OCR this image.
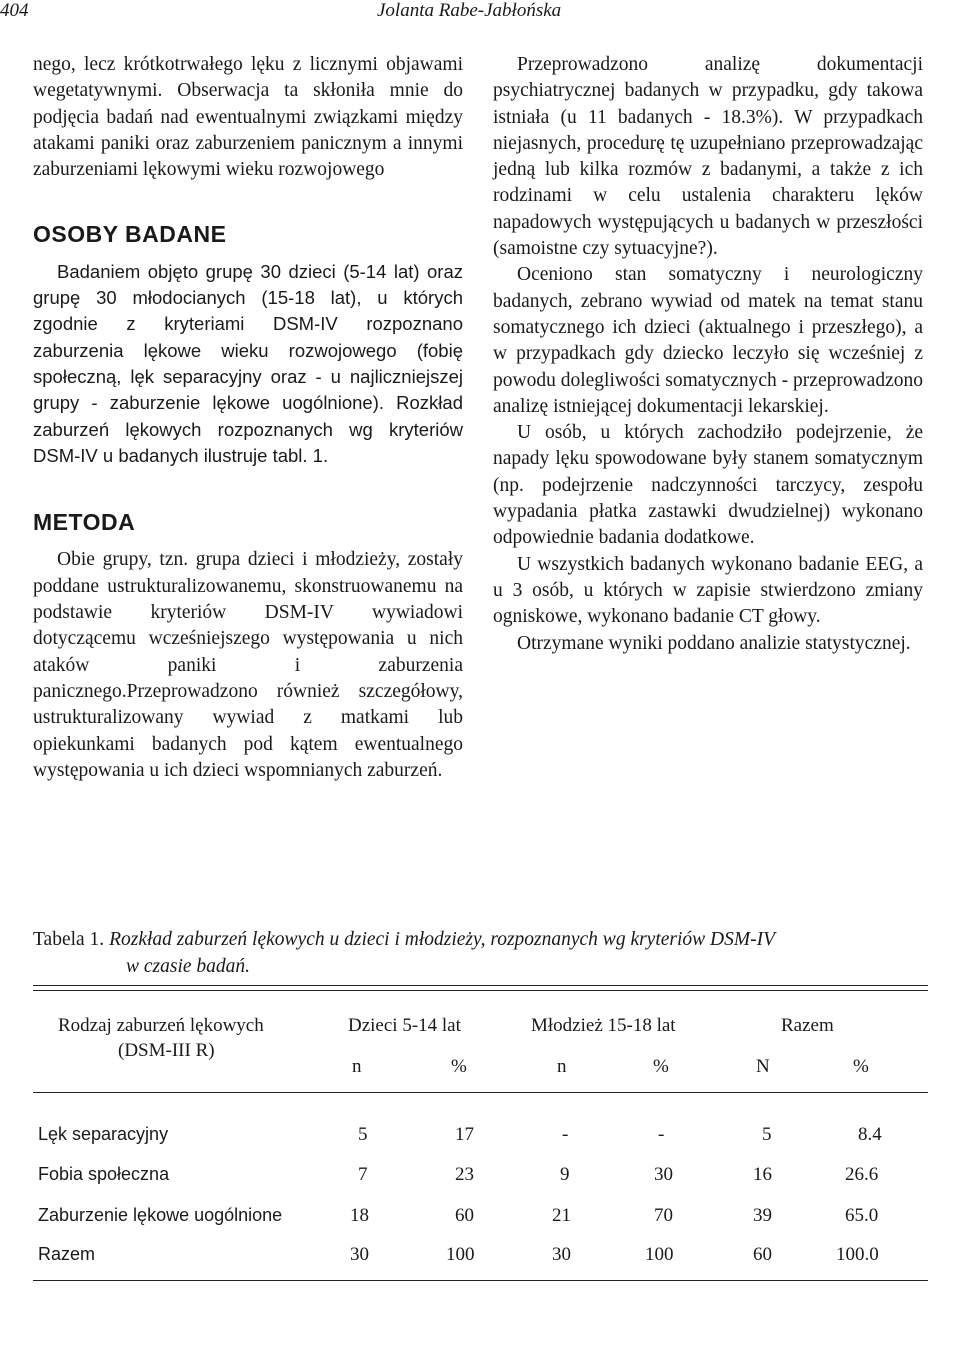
404	Jolanta Rabe-Jabłońska

nego, lecz krótkotrwałego lęku z licznymi objawami wegetatywnymi. Obserwacja ta skłoniła mnie do podjęcia badań nad ewentualnymi związkami między atakami paniki oraz zaburzeniem panicznym a innymi zaburzeniami lękowymi wieku rozwojowego

OSOBY BADANE

Badaniem objęto grupę 30 dzieci (5-14 lat) oraz grupę 30 młodocianych (15-18 lat), u których zgodnie z kryteriami DSM-IV rozpoznano zaburzenia lękowe wieku rozwojowego (fobię społeczną, lęk separacyjny oraz - u najliczniejszej grupy - zaburzenie lękowe uogólnione). Rozkład zaburzeń lękowych rozpoznanych wg kryteriów DSM-IV u badanych ilustruje tabl. 1.

METODA

Obie grupy, tzn. grupa dzieci i młodzieży, zostały poddane ustrukturalizowanemu, skonstruowanemu na podstawie kryteriów DSM-IV wywiadowi dotyczącemu wcześniejszego występowania u nich ataków paniki i zaburzenia panicznego.Przeprowadzono również szczegółowy, ustrukturalizowany wywiad z matkami lub opiekunkami badanych pod kątem ewentualnego występowania u ich dzieci wspomnianych zaburzeń.

Przeprowadzono analizę dokumentacji psychiatrycznej badanych w przypadku, gdy takowa istniała (u 11 badanych - 18.3%). W przypadkach niejasnych, procedurę tę uzupełniano przeprowadzając jedną lub kilka rozmów z badanymi, a także z ich rodzinami w celu ustalenia charakteru lęków napadowych występujących u badanych w przeszłości (samoistne czy sytuacyjne?).

Oceniono stan somatyczny i neurologiczny badanych, zebrano wywiad od matek na temat stanu somatycznego ich dzieci (aktualnego i przeszłego), a w przypadkach gdy dziecko leczyło się wcześniej z powodu dolegliwości somatycznych - przeprowadzono analizę istniejącej dokumentacji lekarskiej.

U osób, u których zachodziło podejrzenie, że napady lęku spowodowane były stanem somatycznym (np. podejrzenie nadczynności tarczycy, zespołu wypadania płatka zastawki dwudzielnej) wykonano odpowiednie badania dodatkowe.

U wszystkich badanych wykonano badanie EEG, a u 3 osób, u których w zapisie stwierdzono zmiany ogniskowe, wykonano badanie CT głowy.

Otrzymane wyniki poddano analizie statystycznej.

Tabela 1. Rozkład zaburzeń lękowych u dzieci i młodzieży, rozpoznanych wg kryteriów DSM-IV
w czasie badań.
Rodzaj zaburzeń lękowych
(DSM-III R)
Dzieci 5-14 lat	Młodzież 15-18 lat	Razem
n	%	n	%	N	%
Lęk separacyjny	5	17	-	-	5	8.4
Fobia społeczna	7	23	9	30	16	26.6
Zaburzenie lękowe uogólnione	18	60	21	70	39	65.0
Razem	30	100	30	100	60	100.0
